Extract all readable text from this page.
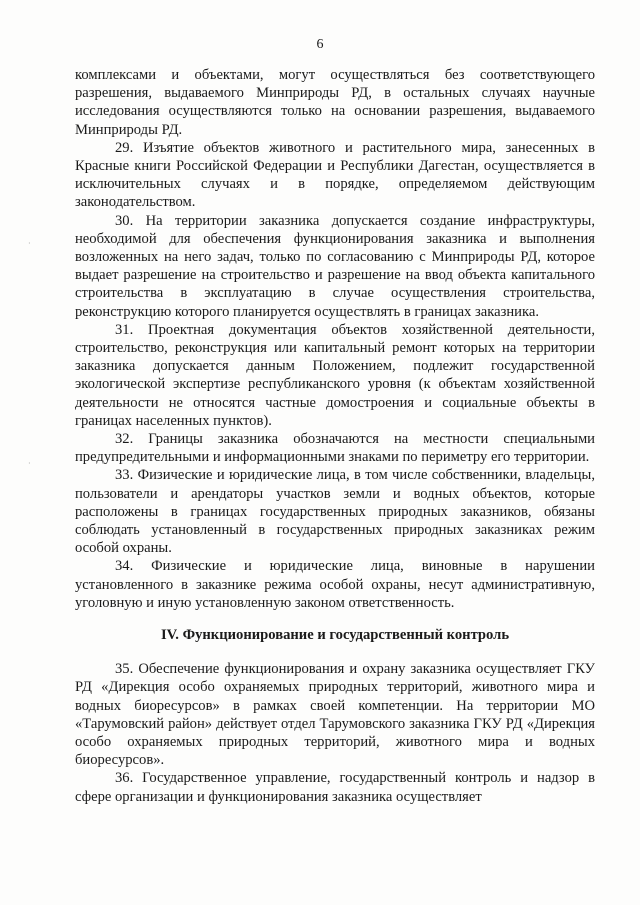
6
·
·

комплексами и объектами, могут осуществляться без соответствующего разрешения, выдаваемого Минприроды РД, в остальных случаях научные исследования осуществляются только на основании разрешения, выдаваемого Минприроды РД.

29. Изъятие объектов животного и растительного мира, занесенных в Красные книги Российской Федерации и Республики Дагестан, осуществляется в исключительных случаях и в порядке, определяемом действующим законодательством.

30. На территории заказника допускается создание инфраструктуры, необходимой для обеспечения функционирования заказника и выполнения возложенных на него задач, только по согласованию с Минприроды РД, которое выдает разрешение на строительство и разрешение на ввод объекта капитального строительства в эксплуатацию в случае осуществления строительства, реконструкцию которого планируется осуществлять в границах заказника.

31. Проектная документация объектов хозяйственной деятельности, строительство, реконструкция или капитальный ремонт которых на территории заказника допускается данным Положением, подлежит государственной экологической экспертизе республиканского уровня (к объектам хозяйственной деятельности не относятся частные домостроения и социальные объекты в границах населенных пунктов).

32. Границы заказника обозначаются на местности специальными предупредительными и информационными знаками по периметру его территории.

33. Физические и юридические лица, в том числе собственники, владельцы, пользователи и арендаторы участков земли и водных объектов, которые расположены в границах государственных природных заказников, обязаны соблюдать установленный в государственных природных заказниках режим особой охраны.

34. Физические и юридические лица, виновные в нарушении установленного в заказнике режима особой охраны, несут административную, уголовную и иную установленную законом ответственность.

IV. Функционирование и государственный контроль

35. Обеспечение функционирования и охрану заказника осуществляет ГКУ РД «Дирекция особо охраняемых природных территорий, животного мира и водных биоресурсов» в рамках своей компетенции. На территории МО «Тарумовский район» действует отдел Тарумовского заказника ГКУ РД «Дирекция особо охраняемых природных территорий, животного мира и водных биоресурсов».

36. Государственное управление, государственный контроль и надзор в сфере организации и функционирования заказника осуществляет
